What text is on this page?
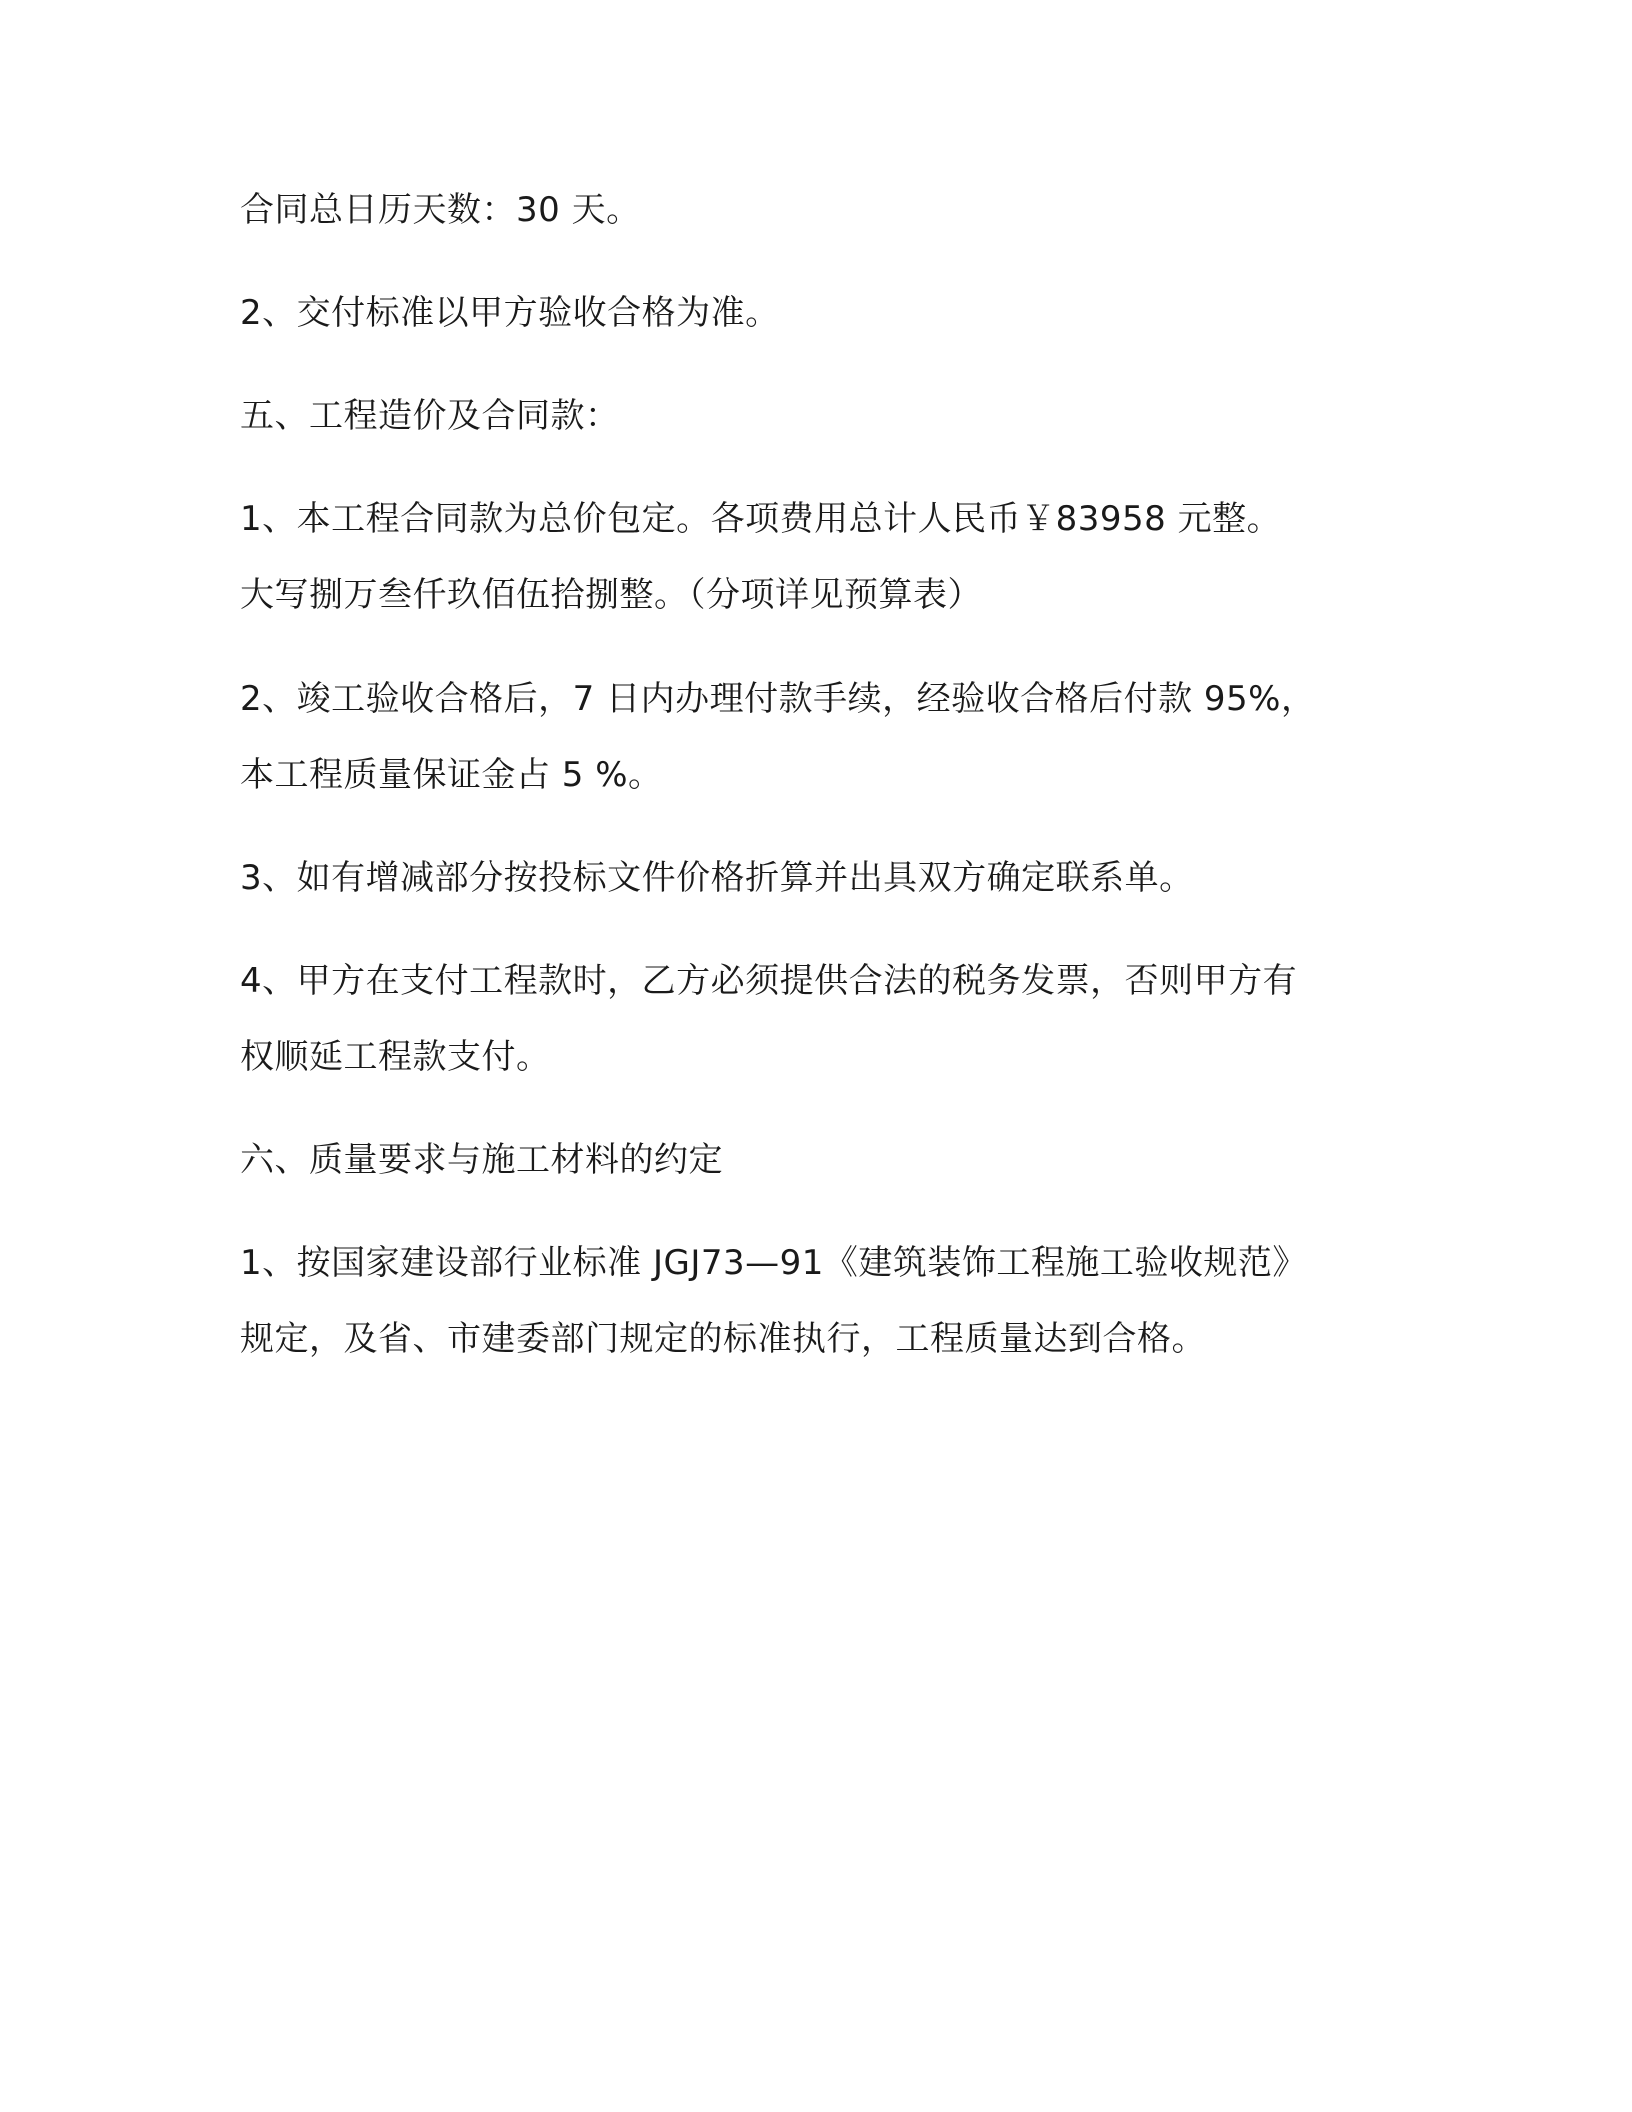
合同总日历天数：30 天。
2、交付标准以甲方验收合格为准。
五、工程造价及合同款：
1、本工程合同款为总价包定。各项费用总计人民币￥83958 元整。
大写捌万叁仟玖佰伍拾捌整。（分项详见预算表）
2、竣工验收合格后，7 日内办理付款手续，经验收合格后付款 95%，
本工程质量保证金占 5 %。
3、如有增减部分按投标文件价格折算并出具双方确定联系单。
4、甲方在支付工程款时，乙方必须提供合法的税务发票，否则甲方有
权顺延工程款支付。
六、质量要求与施工材料的约定
1、按国家建设部行业标准 JGJ73—91《建筑装饰工程施工验收规范》
规定，及省、市建委部门规定的标准执行，工程质量达到合格。
